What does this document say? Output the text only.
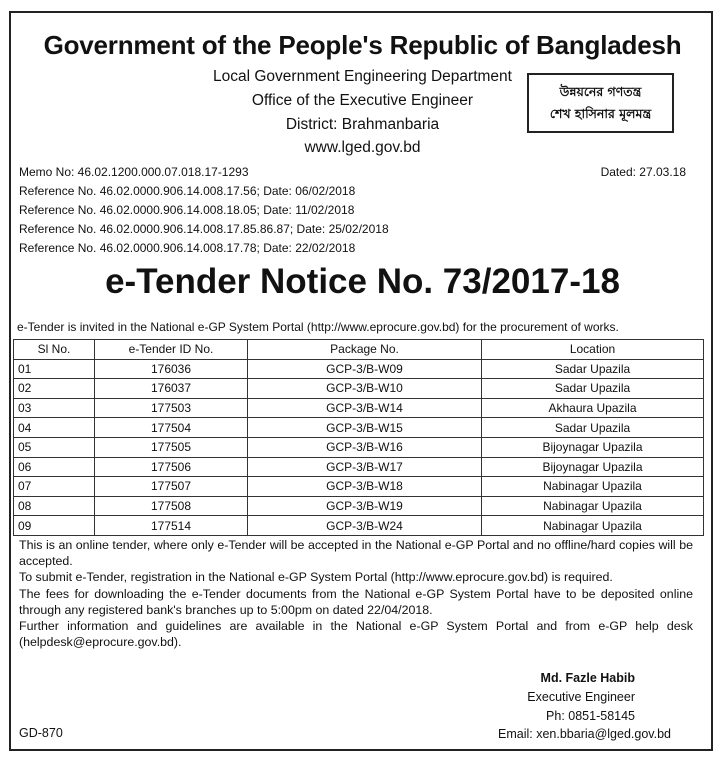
Government of the People's Republic of Bangladesh
Local Government Engineering Department
Office of the Executive Engineer
District: Brahmanbaria
www.lged.gov.bd
উন্নয়নের গণতন্ত্র
শেখ হাসিনার মূলমন্ত্র
Memo No: 46.02.1200.000.07.018.17-1293	Dated: 27.03.18
Reference No. 46.02.0000.906.14.008.17.56; Date: 06/02/2018
Reference No. 46.02.0000.906.14.008.18.05; Date: 11/02/2018
Reference No. 46.02.0000.906.14.008.17.85.86.87; Date: 25/02/2018
Reference No. 46.02.0000.906.14.008.17.78; Date: 22/02/2018
e-Tender Notice No. 73/2017-18
e-Tender is invited in the National e-GP System Portal (http://www.eprocure.gov.bd) for the procurement of works.
Sl No.	e-Tender ID No.	Package No.	Location
01	176036	GCP-3/B-W09	Sadar Upazila
02	176037	GCP-3/B-W10	Sadar Upazila
03	177503	GCP-3/B-W14	Akhaura Upazila
04	177504	GCP-3/B-W15	Sadar Upazila
05	177505	GCP-3/B-W16	Bijoynagar Upazila
06	177506	GCP-3/B-W17	Bijoynagar Upazila
07	177507	GCP-3/B-W18	Nabinagar Upazila
08	177508	GCP-3/B-W19	Nabinagar Upazila
09	177514	GCP-3/B-W24	Nabinagar Upazila

This is an online tender, where only e-Tender will be accepted in the National e-GP Portal and no offline/hard copies will be accepted.

To submit e-Tender, registration in the National e-GP System Portal (http://www.eprocure.gov.bd) is required.

The fees for downloading the e-Tender documents from the National e-GP System Portal have to be deposited online through any registered bank's branches up to 5:00pm on dated 22/04/2018.

Further information and guidelines are available in the National e-GP System Portal and from e-GP help desk (helpdesk@eprocure.gov.bd).

Md. Fazle Habib
Executive Engineer
Ph: 0851-58145
Email: xen.bbaria@lged.gov.bd
GD-870
